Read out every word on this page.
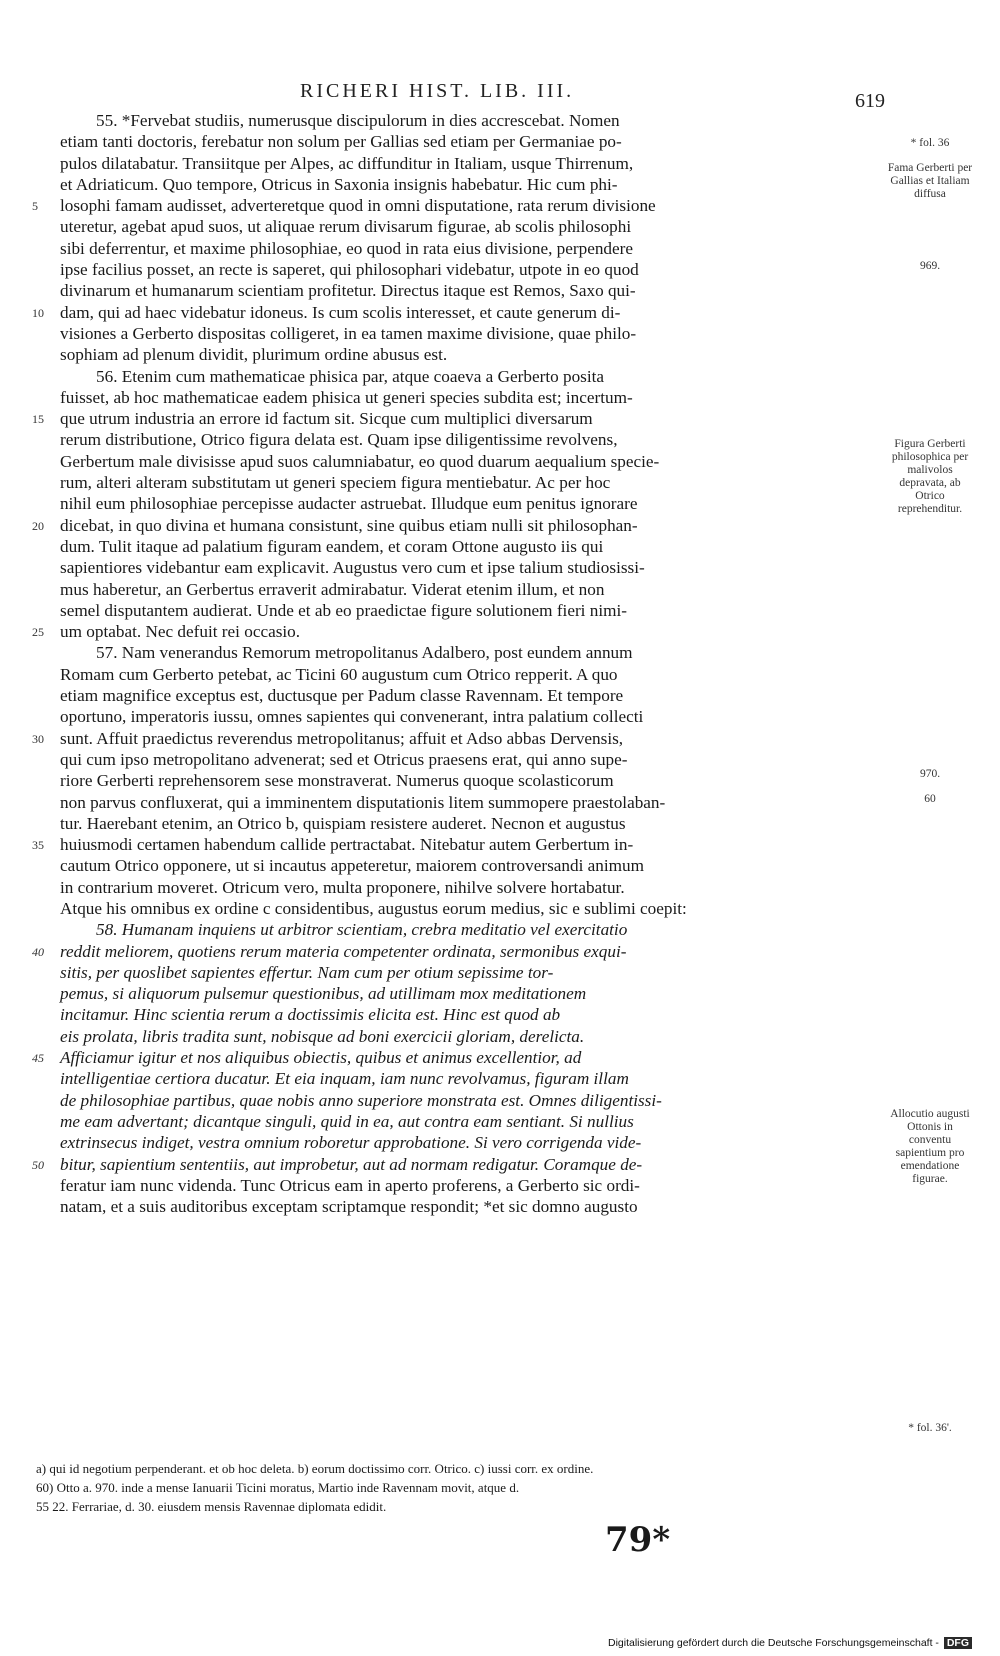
RICHERI HIST. LIB. III.	619
55. *Fervebat studiis, numerusque discipulorum in dies accrescebat. Nomen
etiam tanti doctoris, ferebatur non solum per Gallias sed etiam per Germaniae po-
pulos dilatabatur. Transiitque per Alpes, ac diffunditur in Italiam, usque Thirrenum,
et Adriaticum. Quo tempore, Otricus in Saxonia insignis habebatur. Hic cum phi-
5 losophi famam audisset, adverteretque quod in omni disputatione, rata rerum divisione
uteretur, agebat apud suos, ut aliquae rerum divisarum figurae, ab scolis philosophi
sibi deferrentur, et maxime philosophiae, eo quod in rata eius divisione, perpendere
ipse facilius posset, an recte is saperet, qui philosophari videbatur, utpote in eo quod
divinarum et humanarum scientiam profitetur. Directus itaque est Remos, Saxo qui-
10 dam, qui ad haec videbatur idoneus. Is cum scolis interesset, et caute generum di-
visiones a Gerberto dispositas colligeret, in ea tamen maxime divisione, quae philo-
sophiam ad plenum dividit, plurimum ordine abusus est.
56. Etenim cum mathematicae phisica par, atque coaeva a Gerberto posita
fuisset, ab hoc mathematicae eadem phisica ut generi species subdita est; incertum-
15 que utrum industria an errore id factum sit. Sicque cum multiplici diversarum
rerum distributione, Otrico figura delata est. Quam ipse diligentissime revolvens,
Gerbertum male divisisse apud suos calumniabatur, eo quod duarum aequalium specie-
rum, alteri alteram substitutam ut generi speciem figura mentiebatur. Ac per hoc
nihil eum philosophiae percepisse audacter astruebat. Illudque eum penitus ignorare
20 dicebat, in quo divina et humana consistunt, sine quibus etiam nulli sit philosophan-
dum. Tulit itaque ad palatium figuram eandem, et coram Ottone augusto iis qui
sapientiores videbantur eam explicavit. Augustus vero cum et ipse talium studiosissi-
mus haberetur, an Gerbertus erraverit admirabatur. Viderat etenim illum, et non
semel disputantem audierat. Unde et ab eo praedictae figure solutionem fieri nimi-
25 um optabat. Nec defuit rei occasio.
57. Nam venerandus Remorum metropolitanus Adalbero, post eundem annum
Romam cum Gerberto petebat, ac Ticini 60 augustum cum Otrico repperit. A quo
etiam magnifice exceptus est, ductusque per Padum classe Ravennam. Et tempore
oportuno, imperatoris iussu, omnes sapientes qui convenerant, intra palatium collecti
30 sunt. Affuit praedictus reverendus metropolitanus; affuit et Adso abbas Dervensis,
qui cum ipso metropolitano advenerat; sed et Otricus praesens erat, qui anno supe-
riore Gerberti reprehensorem sese monstraverat. Numerus quoque scolasticorum
non parvus confluxerat, qui a imminentem disputationis litem summopere praestolaban-
tur. Haerebant etenim, an Otrico b, quispiam resistere auderet. Necnon et augustus
35 huiusmodi certamen habendum callide pertractabat. Nitebatur autem Gerbertum in-
cautum Otrico opponere, ut si incautus appeteretur, maiorem controversandi animum
in contrarium moveret. Otricum vero, multa proponere, nihilve solvere hortabatur.
Atque his omnibus ex ordine c considentibus, augustus eorum medius, sic e sublimi coepit:
58. Humanam inquiens ut arbitror scientiam, crebra meditatio vel exercitatio
40 reddit meliorem, quotiens rerum materia competenter ordinata, sermonibus exqui-
sitis, per quoslibet sapientes effertur. Nam cum per otium sepissime tor-
pemus, si aliquorum pulsemur questionibus, ad utillimam mox meditationem
incitamur. Hinc scientia rerum a doctissimis elicita est. Hinc est quod ab
eis prolata, libris tradita sunt, nobisque ad boni exercicii gloriam, derelicta.
45 Afficiamur igitur et nos aliquibus obiectis, quibus et animus excellentior, ad
intelligentiae certiora ducatur. Et eia inquam, iam nunc revolvamus, figuram illam
de philosophiae partibus, quae nobis anno superiore monstrata est. Omnes diligentissi-
me eam advertant; dicantque singuli, quid in ea, aut contra eam sentiant. Si nullius
extrinsecus indiget, vestra omnium roboretur approbatione. Si vero corrigenda vide-
50 bitur, sapientium sententiis, aut improbetur, aut ad normam redigatur. Coramque de-
feratur iam nunc videnda. Tunc Otricus eam in aperto proferens, a Gerberto sic ordi-
natam, et a suis auditoribus exceptam scriptamque respondit; *et sic domno augusto
* fol. 36
Fama Gerberti per Gallias et Italiam diffusa
969.
Figura Gerberti philosophica per malivolos depravata, ab Otrico reprehenditur.
970.
60
Allocutio augusti Ottonis in conventu sapientium pro emendatione figurae.
* fol. 36'.
a) qui id negotium perpenderant. et ob hoc deleta. b) eorum doctissimo corr. Otrico. c) iussi corr. ex ordine.
60) Otto a. 970. inde a mense Ianuarii Ticini moratus, Martio inde Ravennam movit, atque d.
55 22. Ferrariae, d. 30. eiusdem mensis Ravennae diplomata edidit.
79*
Digitalisierung gefördert durch die Deutsche Forschungsgemeinschaft - DFG
